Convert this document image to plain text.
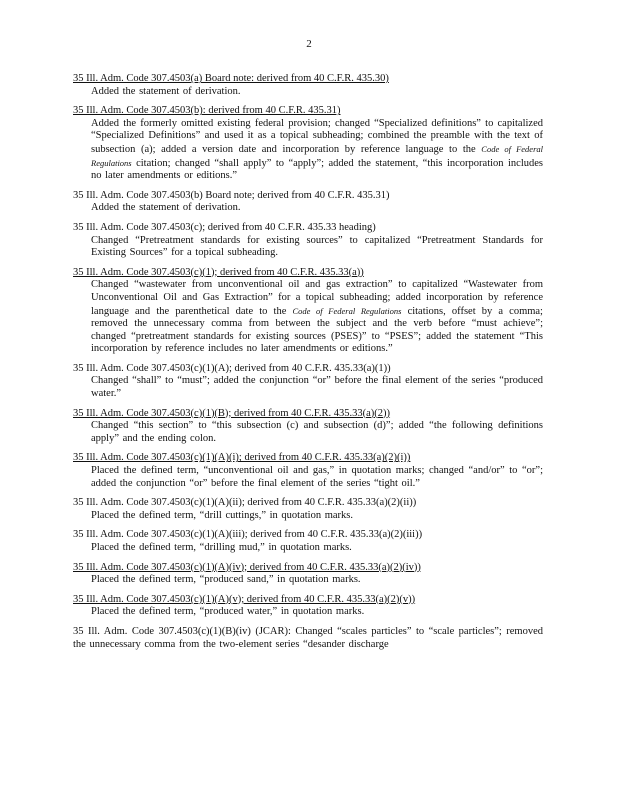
2
35 Ill. Adm. Code 307.4503(a) Board note: derived from 40 C.F.R. 435.30)
Added the statement of derivation.
35 Ill. Adm. Code 307.4503(b): derived from 40 C.F.R. 435.31)
Added the formerly omitted existing federal provision; changed “Specialized definitions” to capitalized “Specialized Definitions” and used it as a topical subheading; combined the preamble with the text of subsection (a); added a version date and incorporation by reference language to the Code of Federal Regulations citation; changed “shall apply” to “apply”; added the statement, “this incorporation includes no later amendments or editions.”
35 Ill. Adm. Code 307.4503(b) Board note; derived from 40 C.F.R. 435.31)
Added the statement of derivation.
35 Ill. Adm. Code 307.4503(c); derived from 40 C.F.R. 435.33 heading)
Changed “Pretreatment standards for existing sources” to capitalized “Pretreatment Standards for Existing Sources” for a topical subheading.
35 Ill. Adm. Code 307.4503(c)(1); derived from 40 C.F.R. 435.33(a))
Changed “wastewater from unconventional oil and gas extraction” to capitalized “Wastewater from Unconventional Oil and Gas Extraction” for a topical subheading; added incorporation by reference language and the parenthetical date to the Code of Federal Regulations citations, offset by a comma; removed the unnecessary comma from between the subject and the verb before “must achieve”; changed “pretreatment standards for existing sources (PSES)” to “PSES”; added the statement “This incorporation by reference includes no later amendments or editions.”
35 Ill. Adm. Code 307.4503(c)(1)(A); derived from 40 C.F.R. 435.33(a)(1))
Changed “shall” to “must”; added the conjunction “or” before the final element of the series “produced water.”
35 Ill. Adm. Code 307.4503(c)(1)(B); derived from 40 C.F.R. 435.33(a)(2))
Changed “this section” to “this subsection (c) and subsection (d)”; added “the following definitions apply” and the ending colon.
35 Ill. Adm. Code 307.4503(c)(1)(A)(i); derived from 40 C.F.R. 435.33(a)(2)(i))
Placed the defined term, “unconventional oil and gas,” in quotation marks; changed “and/or” to “or”; added the conjunction “or” before the final element of the series “tight oil.”
35 Ill. Adm. Code 307.4503(c)(1)(A)(ii); derived from 40 C.F.R. 435.33(a)(2)(ii))
Placed the defined term, “drill cuttings,” in quotation marks.
35 Ill. Adm. Code 307.4503(c)(1)(A)(iii); derived from 40 C.F.R. 435.33(a)(2)(iii))
Placed the defined term, “drilling mud,” in quotation marks.
35 Ill. Adm. Code 307.4503(c)(1)(A)(iv); derived from 40 C.F.R. 435.33(a)(2)(iv))
Placed the defined term, “produced sand,” in quotation marks.
35 Ill. Adm. Code 307.4503(c)(1)(A)(v); derived from 40 C.F.R. 435.33(a)(2)(v))
Placed the defined term, “produced water,” in quotation marks.
35 Ill. Adm. Code 307.4503(c)(1)(B)(iv) (JCAR): Changed “scales particles” to “scale particles”; removed the unnecessary comma from the two-element series “desander discharge
